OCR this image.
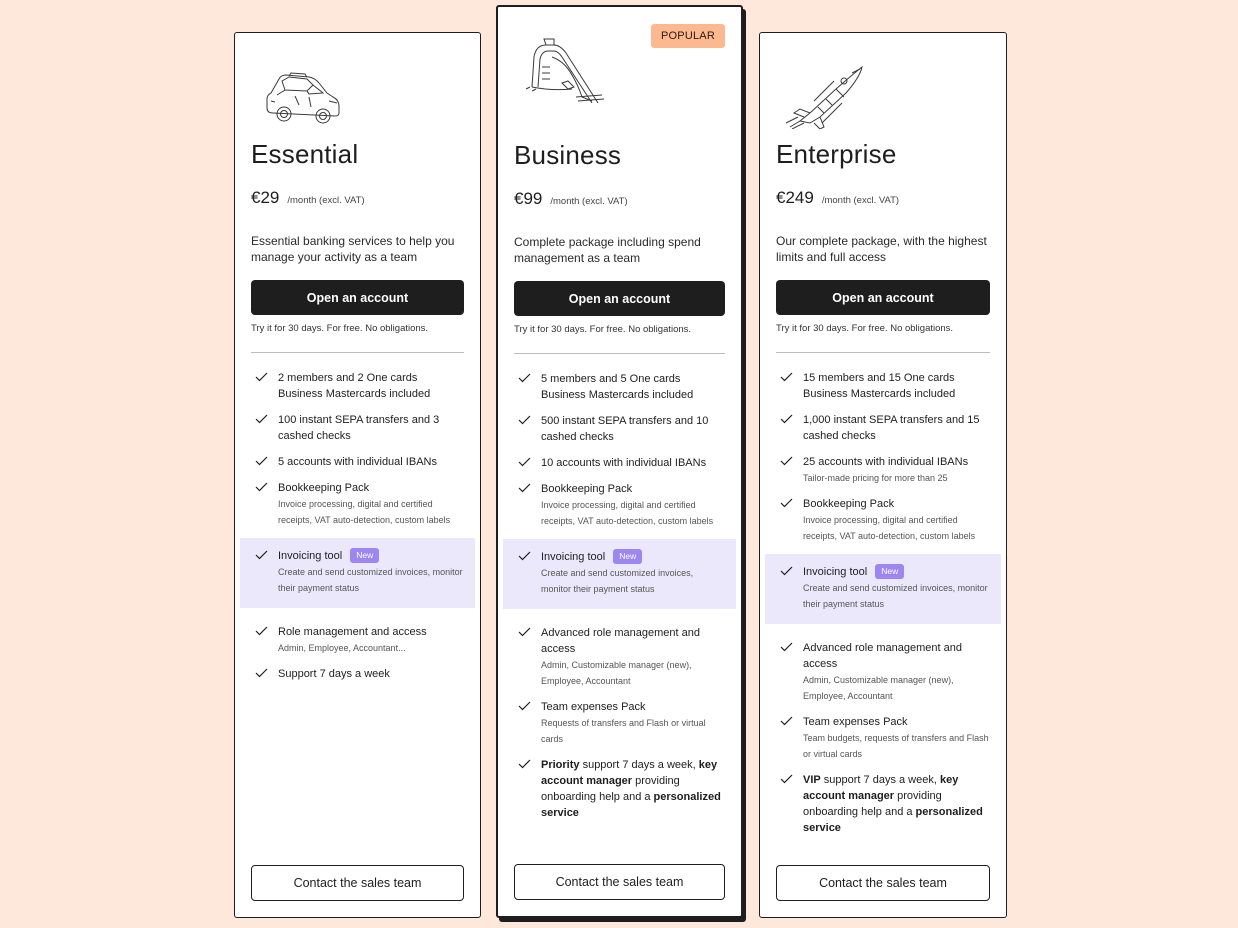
Essential
€29 /month (excl. VAT)
Essential banking services to help you manage your activity as a team
Open an account
Try it for 30 days. For free. No obligations.
2 members and 2 One cards Business Mastercards included
100 instant SEPA transfers and 3 cashed checks
5 accounts with individual IBANs
Bookkeeping Pack
Invoice processing, digital and certified receipts, VAT auto-detection, custom labels
Invoicing tool New
Create and send customized invoices, monitor their payment status
Role management and access
Admin, Employee, Accountant...
Support 7 days a week
Contact the sales team
POPULAR
Business
€99 /month (excl. VAT)
Complete package including spend management as a team
Open an account
Try it for 30 days. For free. No obligations.
5 members and 5 One cards Business Mastercards included
500 instant SEPA transfers and 10 cashed checks
10 accounts with individual IBANs
Bookkeeping Pack
Invoice processing, digital and certified receipts, VAT auto-detection, custom labels
Invoicing tool New
Create and send customized invoices, monitor their payment status
Advanced role management and access
Admin, Customizable manager (new), Employee, Accountant
Team expenses Pack
Requests of transfers and Flash or virtual cards
Priority support 7 days a week, key account manager providing onboarding help and a personalized service
Contact the sales team
Enterprise
€249 /month (excl. VAT)
Our complete package, with the highest limits and full access
Open an account
Try it for 30 days. For free. No obligations.
15 members and 15 One cards Business Mastercards included
1,000 instant SEPA transfers and 15 cashed checks
25 accounts with individual IBANs
Tailor-made pricing for more than 25
Bookkeeping Pack
Invoice processing, digital and certified receipts, VAT auto-detection, custom labels
Invoicing tool New
Create and send customized invoices, monitor their payment status
Advanced role management and access
Admin, Customizable manager (new), Employee, Accountant
Team expenses Pack
Team budgets, requests of transfers and Flash or virtual cards
VIP support 7 days a week, key account manager providing onboarding help and a personalized service
Contact the sales team
